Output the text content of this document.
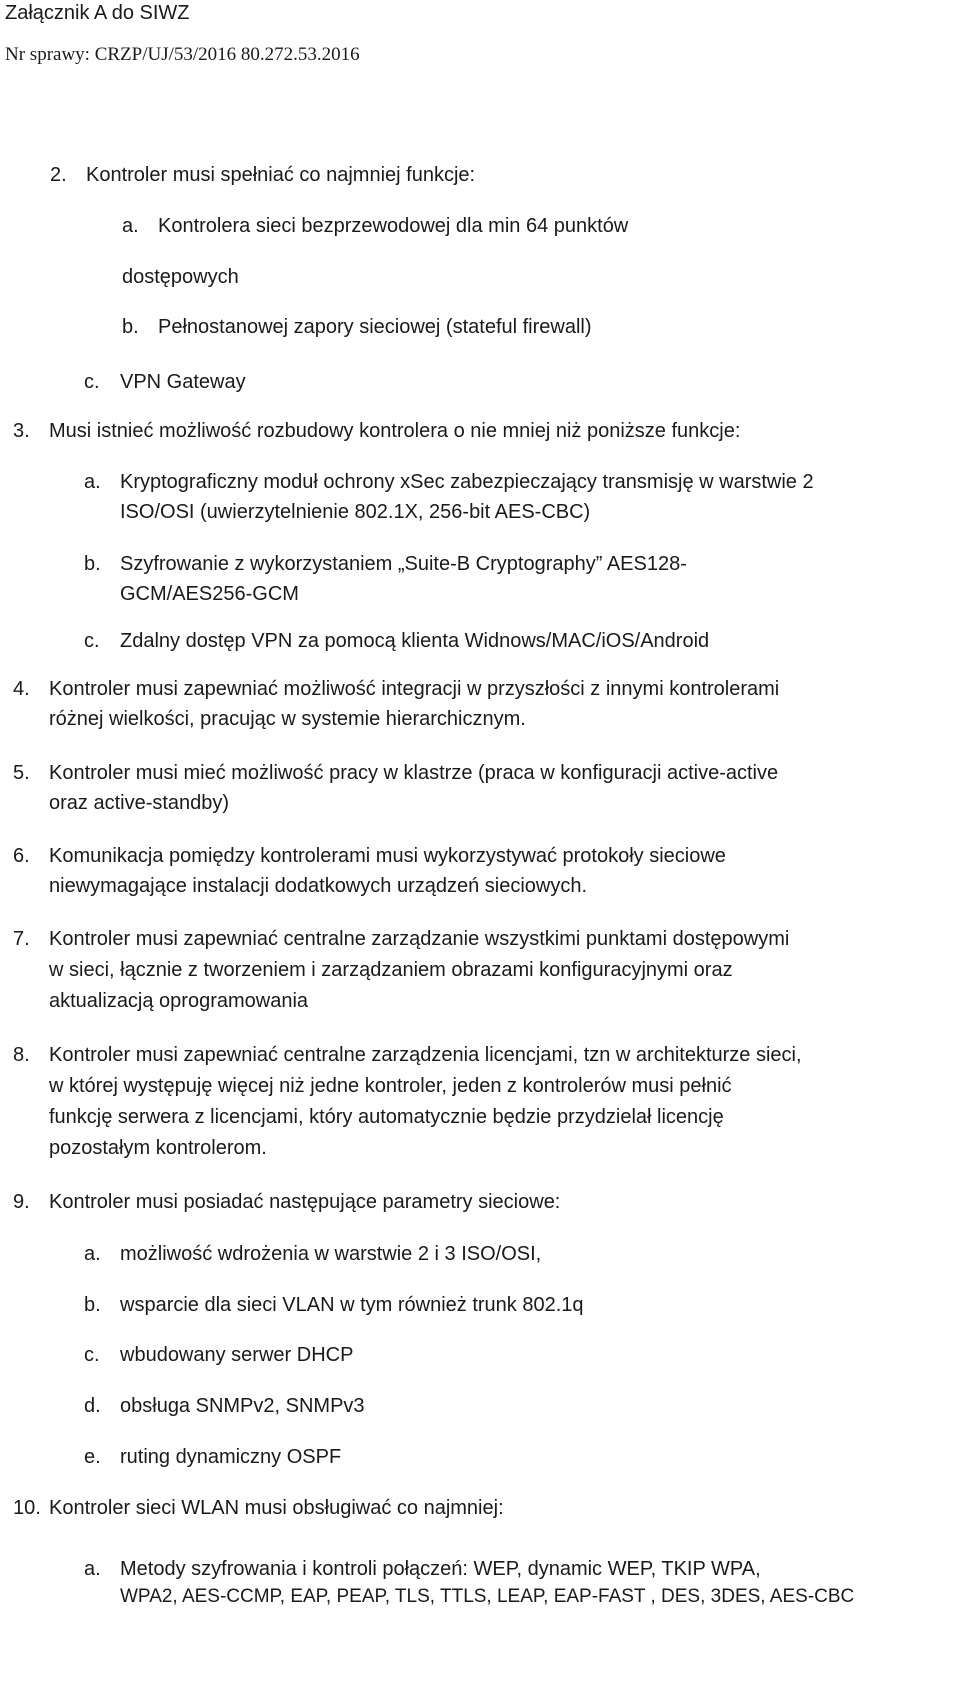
Załącznik A do SIWZ
Nr sprawy: CRZP/UJ/53/2016 80.272.53.2016
2. Kontroler musi spełniać co najmniej funkcje:
a. Kontrolera sieci bezprzewodowej dla min 64 punktów
dostępowych
b. Pełnostanowej zapory sieciowej (stateful firewall)
c. VPN Gateway
3. Musi istnieć możliwość rozbudowy kontrolera o nie mniej niż poniższe funkcje:
a. Kryptograficzny moduł ochrony xSec zabezpieczający transmisję w warstwie 2
ISO/OSI (uwierzytelnienie 802.1X, 256-bit AES-CBC)
b. Szyfrowanie z wykorzystaniem „Suite-B Cryptography” AES128-
GCM/AES256-GCM
c. Zdalny dostęp VPN za pomocą klienta Widnows/MAC/iOS/Android
4. Kontroler musi zapewniać możliwość integracji w przyszłości z innymi kontrolerami
różnej wielkości, pracując w systemie hierarchicznym.
5. Kontroler musi mieć możliwość pracy w klastrze (praca w konfiguracji active-active
oraz active-standby)
6. Komunikacja pomiędzy kontrolerami musi wykorzystywać protokoły sieciowe
niewymagające instalacji dodatkowych urządzeń sieciowych.
7. Kontroler musi zapewniać centralne zarządzanie wszystkimi punktami dostępowymi
w sieci, łącznie z tworzeniem i zarządzaniem obrazami konfiguracyjnymi oraz
aktualizacją oprogramowania
8. Kontroler musi zapewniać centralne zarządzenia licencjami, tzn w architekturze sieci,
w której występuję więcej niż jedne kontroler, jeden z kontrolerów musi pełnić
funkcję serwera z licencjami, który automatycznie będzie przydzielał licencję
pozostałym kontrolerom.
9. Kontroler musi posiadać następujące parametry sieciowe:
a. możliwość wdrożenia w warstwie 2 i 3 ISO/OSI,
b. wsparcie dla sieci VLAN w tym również trunk 802.1q
c. wbudowany serwer DHCP
d. obsługa SNMPv2, SNMPv3
e. ruting dynamiczny OSPF
10. Kontroler sieci WLAN musi obsługiwać co najmniej:
a. Metody szyfrowania i kontroli połączeń: WEP, dynamic WEP, TKIP WPA,
WPA2, AES-CCMP, EAP, PEAP, TLS, TTLS, LEAP, EAP-FAST , DES, 3DES, AES-CBC
